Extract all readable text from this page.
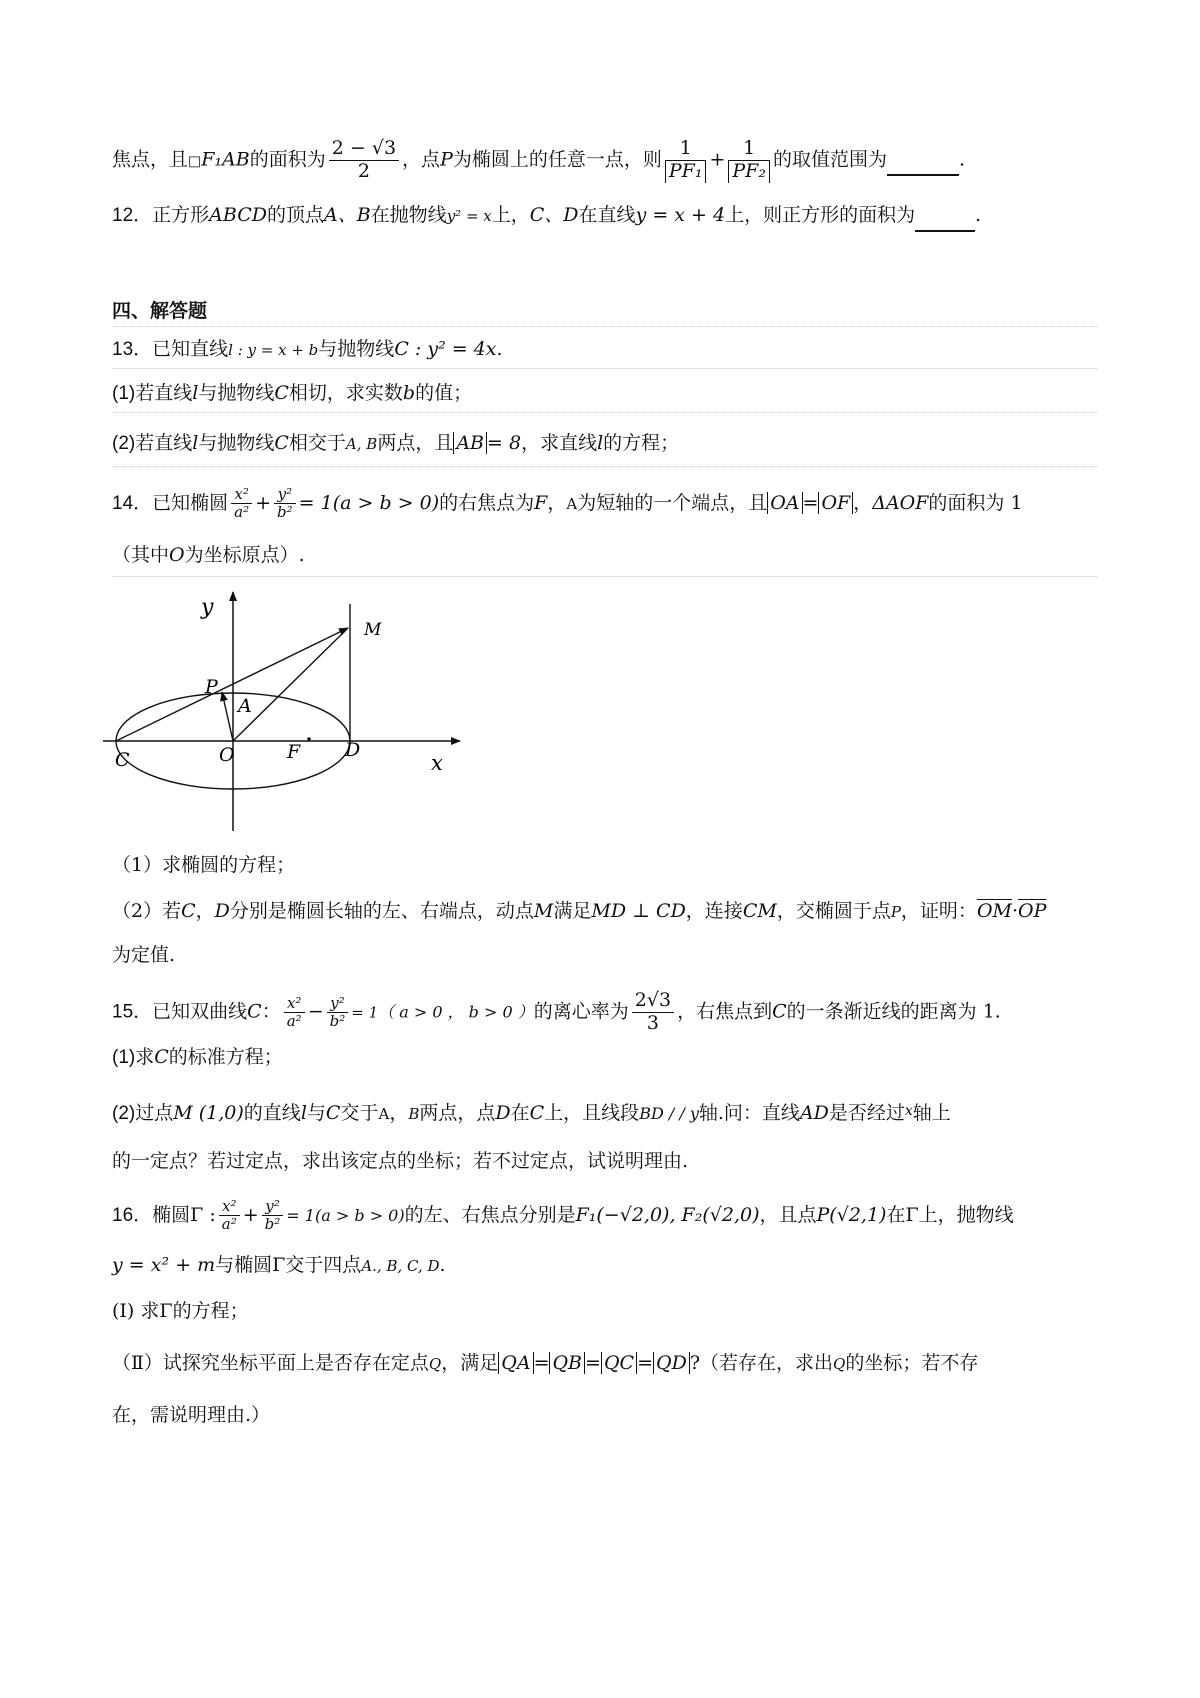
焦点，且□F₁AB的面积为 $\frac{2 - √3}{2}$ ，点P为椭圆上的任意一点，则 $\frac{1}{\text{PF₁}} + \frac{1}{\text{PF₂}}$ 的取值范围为	.
12．正方形ABCD的顶点A、B在抛物线y² = x上，C、D在直线y = x + 4上，则正方形的面积为	.
四、解答题
13．已知直线l : y = x + b与抛物线C : y² = 4x.
(1)若直线l与抛物线C相切，求实数b的值；
(2)若直线l与抛物线C相交于A, B两点，且 AB = 8，求直线l的方程；
14．已知椭圆 $\frac{\text{x²}}{\text{a²}} + \frac{\text{y²}}{\text{b²}} = 1(a > b > 0)$的右焦点为F，A为短轴的一个端点，且 OA = OF ，ΔAOF的面积为 1
（其中O为坐标原点）.
y
x
M
P
A
C	O	F D
（1）求椭圆的方程；
（2）若C，D分别是椭圆长轴的左、右端点，动点M满足MD ⊥ CD，连接CM，交椭圆于点P，证明：$\overline{OM}\cdot\overline{OP}$
为定值.
15．已知双曲线C： $\frac{\text{x²}}{\text{a²}} - \frac{\text{y²}}{\text{b²}} = 1$（ a > 0 ， b > 0 ）的离心率为 $\frac{2√3}{3}$ ，右焦点到C的一条渐近线的距离为 1.
(1)求C的标准方程；
(2)过点M (1,0)的直线l与C交于A，B两点，点D在C上，且线段BD / / y轴.问：直线AD是否经过$^x$轴上
的一定点？若过定点，求出该定点的坐标；若不过定点，试说明理由.
16．椭圆Γ : $\frac{\text{x²}}{\text{a²}} + \frac{\text{y²}}{\text{b²}} = 1(a > b > 0)$的左、右焦点分别是F₁(−√2,0), F₂(√2,0)，且点P(√2,1)在Γ上，抛物线
y = x² + m与椭圆Γ交于四点A., B, C, D.
(Ⅰ) 求Γ的方程；
（Ⅱ）试探究坐标平面上是否存在定点Q，满足 QA = QB = QC = QD ?（若存在，求出Q的坐标；若不存
在，需说明理由.）
